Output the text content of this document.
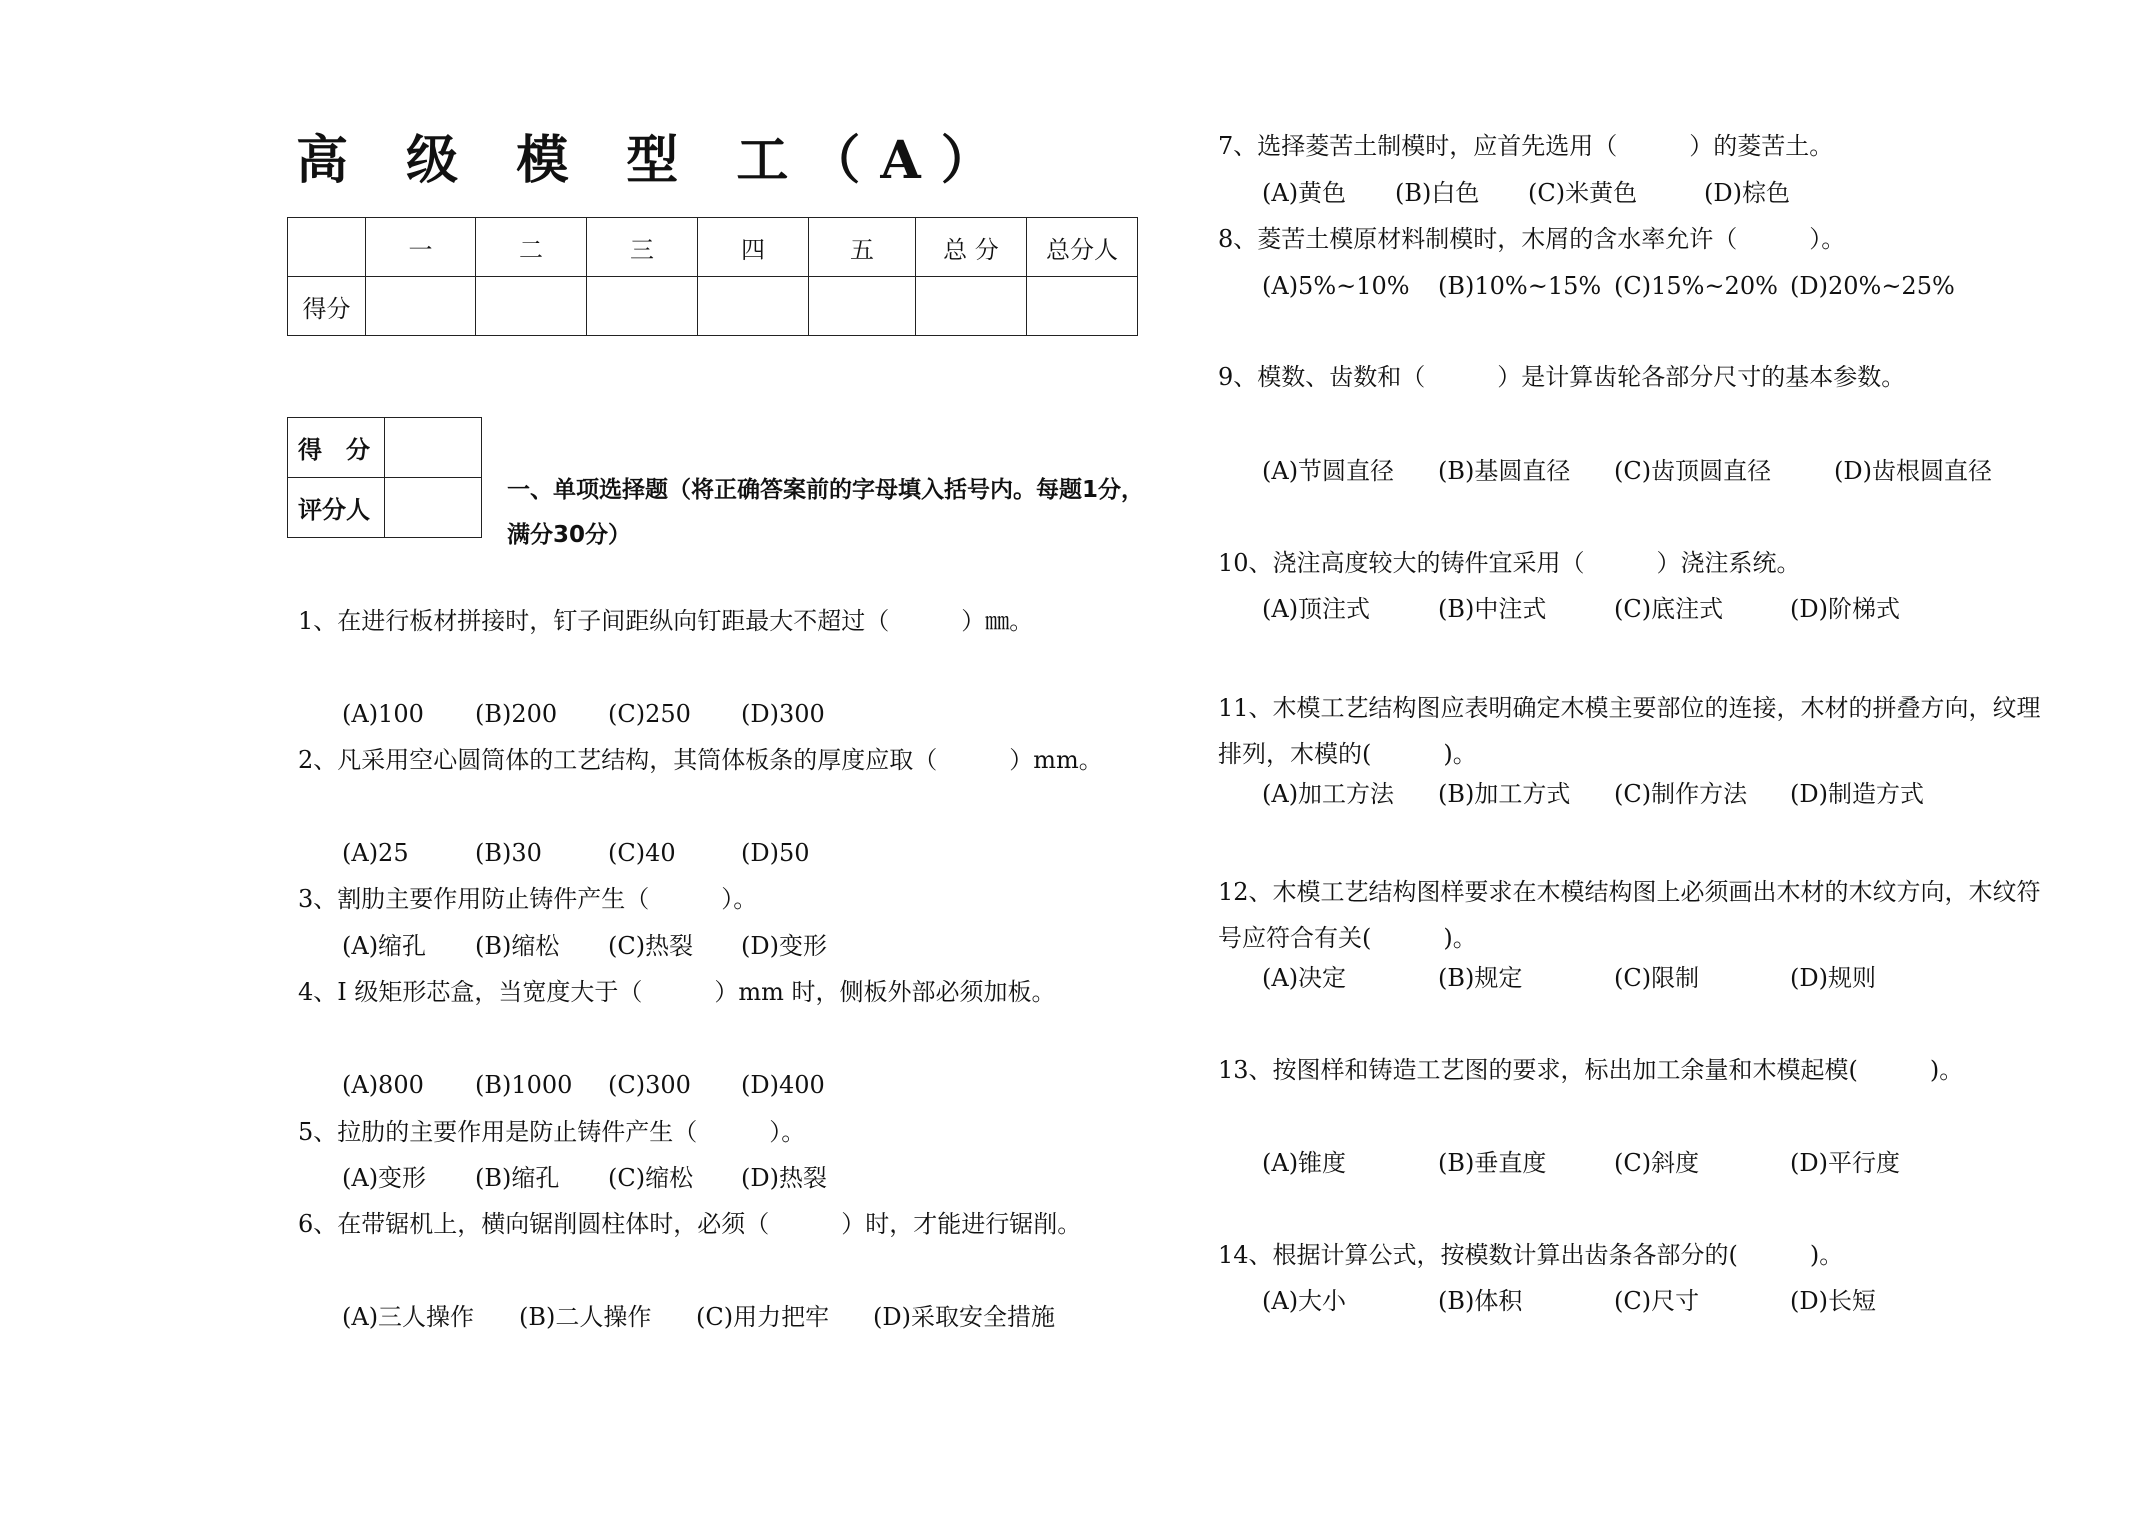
高 级 模 型 工（A）
	一	二	三	四	五	总 分	总分人
得分							
得　分	
评分人	
一、单项选择题（将正确答案前的字母填入括号内。每题1分，满分30分）
1、在进行板材拼接时，钉子间距纵向钉距最大不超过（　　　）㎜。
(A)100 (B)200 (C)250 (D)300
2、凡采用空心圆筒体的工艺结构，其筒体板条的厚度应取（　　　）mm。
(A)25	(B)30	(C)40	(D)50
3、割肋主要作用防止铸件产生（　　　）。
(A)缩孔 (B)缩松 (C)热裂 (D)变形
4、I 级矩形芯盒，当宽度大于（　　　）mm 时，侧板外部必须加板。
(A)800 (B)1000 (C)300 (D)400
5、拉肋的主要作用是防止铸件产生（　　　）。
(A)变形 (B)缩孔 (C)缩松 (D)热裂
6、在带锯机上，横向锯削圆柱体时，必须（　　　）时，才能进行锯削。
(A)三人操作 (B)二人操作 (C)用力把牢 (D)采取安全措施
7、选择菱苦土制模时，应首先选用（　　　）的菱苦土。
(A)黄色 (B)白色 (C)米黄色	(D)棕色
8、菱苦土模原材料制模时，木屑的含水率允许（　　　）。
(A)5%~10% (B)10%~15% (C)15%~20% (D)20%~25%
9、模数、齿数和（　　　）是计算齿轮各部分尺寸的基本参数。
(A)节圆直径 (B)基圆直径 (C)齿顶圆直径	(D)齿根圆直径
10、浇注高度较大的铸件宜采用（　　　）浇注系统。
(A)顶注式	(B)中注式	(C)底注式	(D)阶梯式
11、木模工艺结构图应表明确定木模主要部位的连接，木材的拼叠方向，纹理排列，木模的(　　　)。
(A)加工方法 (B)加工方式 (C)制作方法 (D)制造方式
12、木模工艺结构图样要求在木模结构图上必须画出木材的木纹方向，木纹符号应符合有关(　　　)。
(A)决定	(B)规定	(C)限制	(D)规则
13、按图样和铸造工艺图的要求，标出加工余量和木模起模(　　　)。
(A)锥度	(B)垂直度	(C)斜度	(D)平行度
14、根据计算公式，按模数计算出齿条各部分的(　　　)。
(A)大小	(B)体积	(C)尺寸	(D)长短
